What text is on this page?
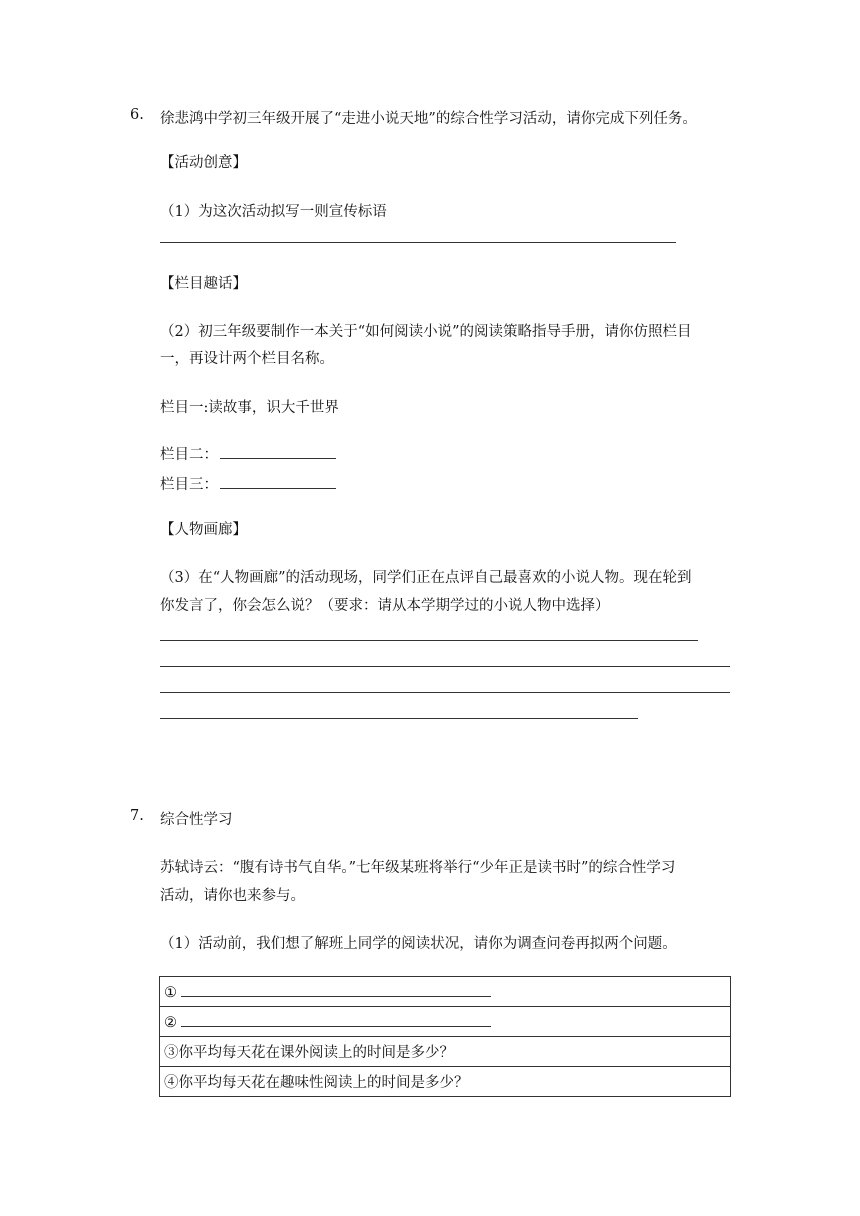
6. 徐悲鸿中学初三年级开展了“走进小说天地”的综合性学习活动，请你完成下列任务。
【活动创意】
（1）为这次活动拟写一则宣传标语
【栏目趣话】
（2）初三年级要制作一本关于“如何阅读小说”的阅读策略指导手册，请你仿照栏目
一，再设计两个栏目名称。
栏目一:读故事，识大千世界
栏目二：
栏目三：
【人物画廊】
（3）在“人物画廊”的活动现场，同学们正在点评自己最喜欢的小说人物。现在轮到
你发言了，你会怎么说？（要求：请从本学期学过的小说人物中选择）
7. 综合性学习
苏轼诗云：“腹有诗书气自华。”七年级某班将举行“少年正是读书时”的综合性学习
活动，请你也来参与。
（1）活动前，我们想了解班上同学的阅读状况，请你为调查问卷再拟两个问题。
①
②
③你平均每天花在课外阅读上的时间是多少？
④你平均每天花在趣味性阅读上的时间是多少？
